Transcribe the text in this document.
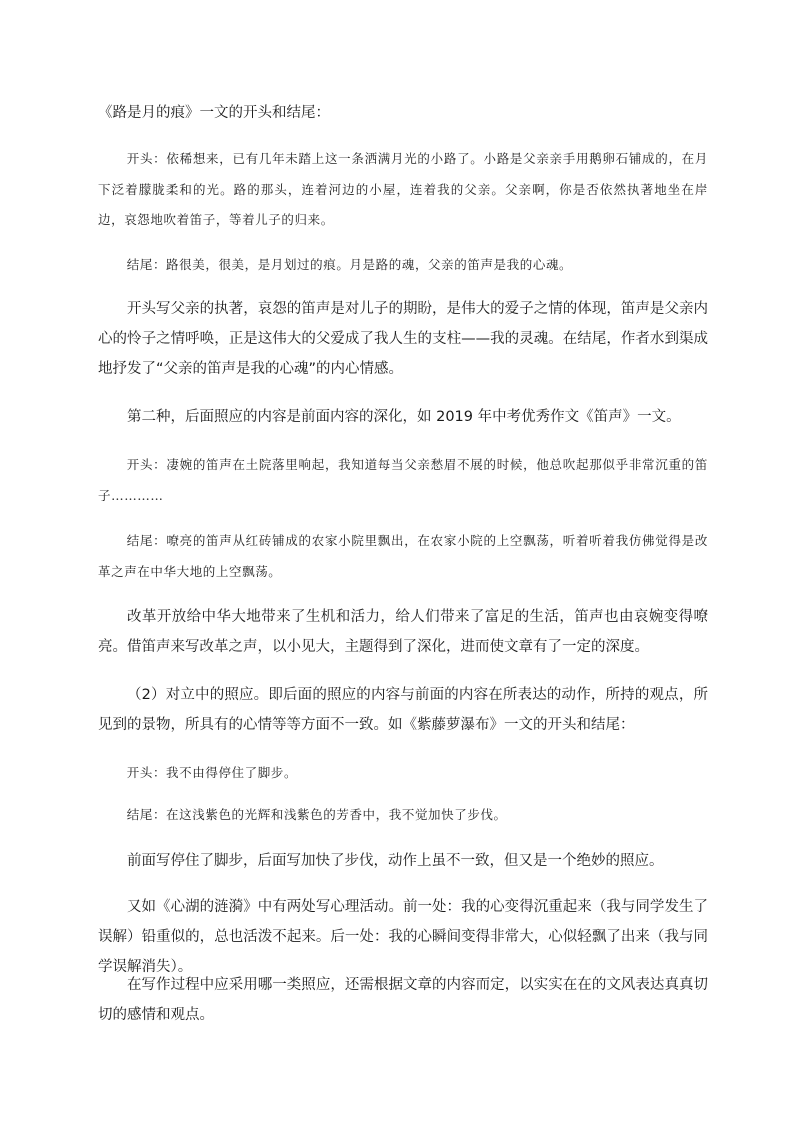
《路是月的痕》一文的开头和结尾：

开头：依稀想来，已有几年未踏上这一条洒满月光的小路了。小路是父亲亲手用鹅卵石铺成的，在月下泛着朦胧柔和的光。路的那头，连着河边的小屋，连着我的父亲。父亲啊，你是否依然执著地坐在岸边，哀怨地吹着笛子，等着儿子的归来。

结尾：路很美，很美，是月划过的痕。月是路的魂，父亲的笛声是我的心魂。

开头写父亲的执著，哀怨的笛声是对儿子的期盼，是伟大的爱子之情的体现，笛声是父亲内心的怜子之情呼唤，正是这伟大的父爱成了我人生的支柱——我的灵魂。在结尾，作者水到渠成地抒发了“父亲的笛声是我的心魂”的内心情感。

第二种，后面照应的内容是前面内容的深化，如 2019 年中考优秀作文《笛声》一文。

开头：凄婉的笛声在土院落里响起，我知道每当父亲愁眉不展的时候，他总吹起那似乎非常沉重的笛子…………

结尾：嘹亮的笛声从红砖铺成的农家小院里飘出，在农家小院的上空飘荡，听着听着我仿佛觉得是改革之声在中华大地的上空飘荡。

改革开放给中华大地带来了生机和活力，给人们带来了富足的生活，笛声也由哀婉变得嘹亮。借笛声来写改革之声，以小见大，主题得到了深化，进而使文章有了一定的深度。

（2）对立中的照应。即后面的照应的内容与前面的内容在所表达的动作，所持的观点，所见到的景物，所具有的心情等等方面不一致。如《紫藤萝瀑布》一文的开头和结尾：

开头：我不由得停住了脚步。

结尾：在这浅紫色的光辉和浅紫色的芳香中，我不觉加快了步伐。

前面写停住了脚步，后面写加快了步伐，动作上虽不一致，但又是一个绝妙的照应。

又如《心湖的涟漪》中有两处写心理活动。前一处：我的心变得沉重起来（我与同学发生了误解）铅重似的，总也活泼不起来。后一处：我的心瞬间变得非常大，心似轻飘了出来（我与同学误解消失）。

在写作过程中应采用哪一类照应，还需根据文章的内容而定，以实实在在的文风表达真真切切的感情和观点。
